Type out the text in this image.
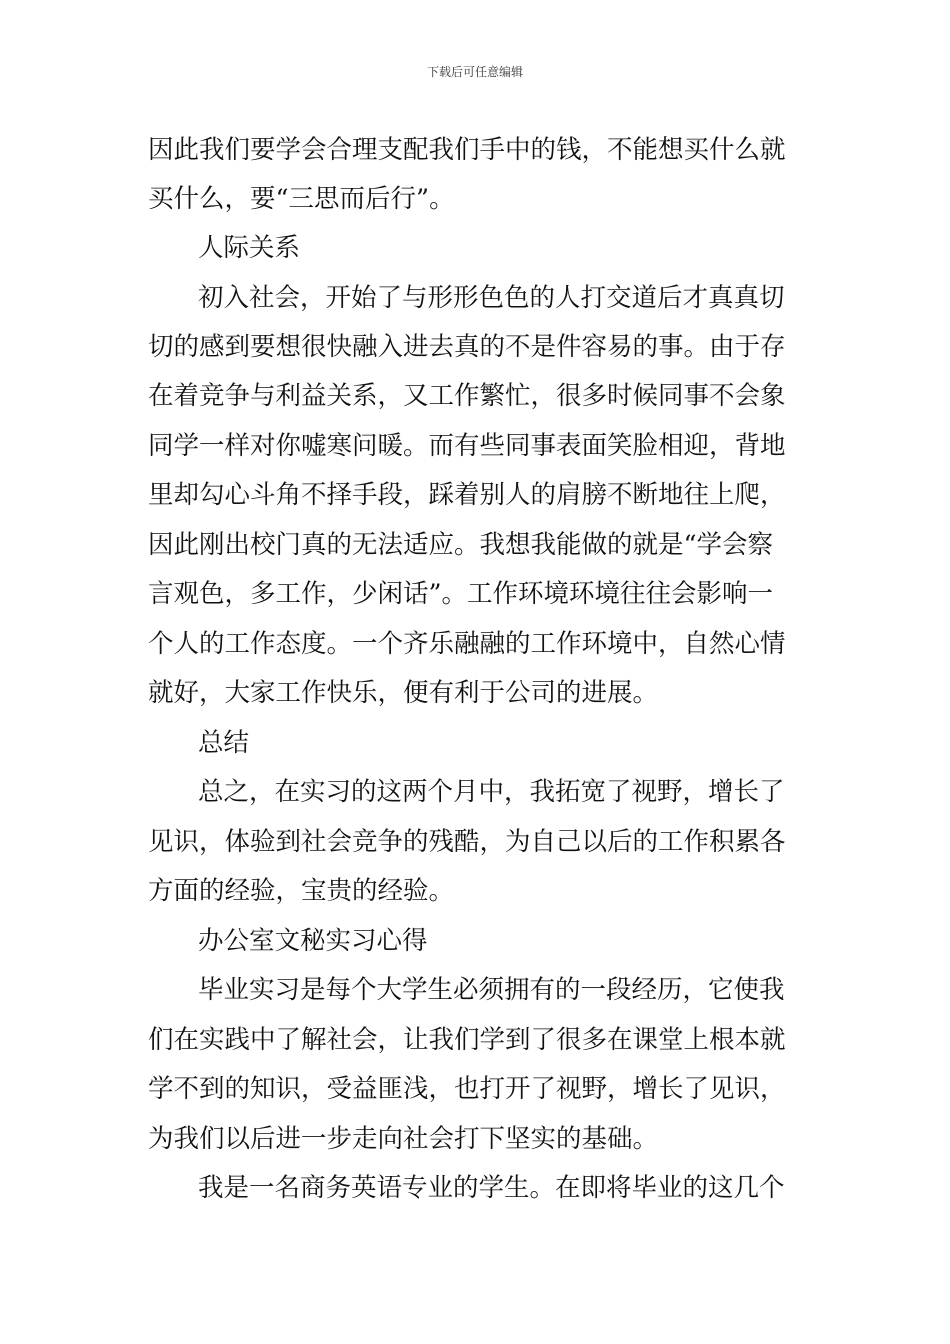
下载后可任意编辑
因此我们要学会合理支配我们手中的钱，不能想买什么就
买什么，要“三思而后行”。
人际关系
初入社会，开始了与形形色色的人打交道后才真真切
切的感到要想很快融入进去真的不是件容易的事。由于存
在着竞争与利益关系，又工作繁忙，很多时候同事不会象
同学一样对你嘘寒问暖。而有些同事表面笑脸相迎，背地
里却勾心斗角不择手段，踩着别人的肩膀不断地往上爬，
因此刚出校门真的无法适应。我想我能做的就是“学会察
言观色，多工作，少闲话”。工作环境环境往往会影响一
个人的工作态度。一个齐乐融融的工作环境中，自然心情
就好，大家工作快乐，便有利于公司的进展。
总结
总之，在实习的这两个月中，我拓宽了视野，增长了
见识，体验到社会竞争的残酷，为自己以后的工作积累各
方面的经验，宝贵的经验。
办公室文秘实习心得
毕业实习是每个大学生必须拥有的一段经历，它使我
们在实践中了解社会，让我们学到了很多在课堂上根本就
学不到的知识，受益匪浅，也打开了视野，增长了见识，
为我们以后进一步走向社会打下坚实的基础。
我是一名商务英语专业的学生。在即将毕业的这几个
